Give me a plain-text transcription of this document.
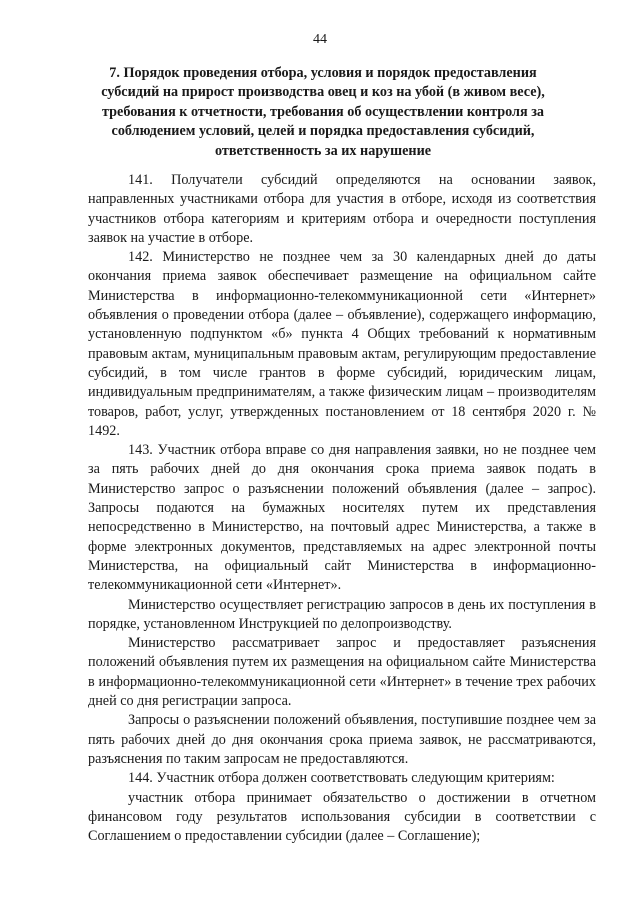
44
7. Порядок проведения отбора, условия и порядок предоставления субсидий на прирост производства овец и коз на убой (в живом весе), требования к отчетности, требования об осуществлении контроля за соблюдением условий, целей и порядка предоставления субсидий, ответственность за их нарушение

141. Получатели субсидий определяются на основании заявок, направленных участниками отбора для участия в отборе, исходя из соответствия участников отбора категориям и критериям отбора и очередности поступления заявок на участие в отборе.

142. Министерство не позднее чем за 30 календарных дней до даты окончания приема заявок обеспечивает размещение на официальном сайте Министерства в информационно-телекоммуникационной сети «Интернет» объявления о проведении отбора (далее – объявление), содержащего информацию, установленную подпунктом «б» пункта 4 Общих требований к нормативным правовым актам, муниципальным правовым актам, регулирующим предоставление субсидий, в том числе грантов в форме субсидий, юридическим лицам, индивидуальным предпринимателям, а также физическим лицам – производителям товаров, работ, услуг, утвержденных постановлением от 18 сентября 2020 г. № 1492.

143. Участник отбора вправе со дня направления заявки, но не позднее чем за пять рабочих дней до дня окончания срока приема заявок подать в Министерство запрос о разъяснении положений объявления (далее – запрос). Запросы подаются на бумажных носителях путем их представления непосредственно в Министерство, на почтовый адрес Министерства, а также в форме электронных документов, представляемых на адрес электронной почты Министерства, на официальный сайт Министерства в информационно-телекоммуникационной сети «Интернет».

Министерство осуществляет регистрацию запросов в день их поступления в порядке, установленном Инструкцией по делопроизводству.

Министерство рассматривает запрос и предоставляет разъяснения положений объявления путем их размещения на официальном сайте Министерства в информационно-телекоммуникационной сети «Интернет» в течение трех рабочих дней со дня регистрации запроса.

Запросы о разъяснении положений объявления, поступившие позднее чем за пять рабочих дней до дня окончания срока приема заявок, не рассматриваются, разъяснения по таким запросам не предоставляются.

144. Участник отбора должен соответствовать следующим критериям:

участник отбора принимает обязательство о достижении в отчетном финансовом году результатов использования субсидии в соответствии с Соглашением о предоставлении субсидии (далее – Соглашение);
